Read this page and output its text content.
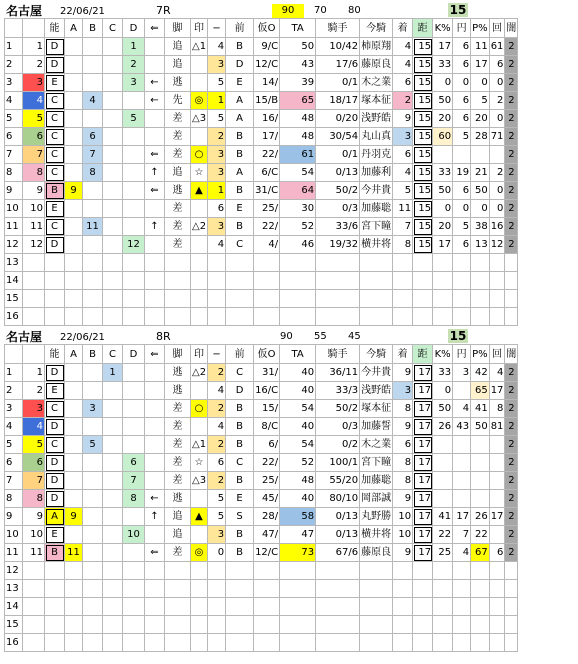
名古屋 22/06/21	7R	90	70 80	15
		能	A	B	C	D	⇐	脚	印	−	前	仮O	TA	騎手	今騎	着	距	K%	円	P%	回	闇
1	1	D				1		追	△1	4	B	9/C	50	10/42	柿原翔	4	15	17	6	11	61	2
2	2	D				2		追		3	D	12/C	43	17/6	藤原良	4	15	33	6	17	6	2
3	3	E				3	←	逃		5	E	14/	39	0/1	木之業	6	15	0	0	0	0	2
4	4	C		4			←	先	◎	1	A	15/B	65	18/17	塚本征	2	15	50	6	5	2	2
5	5	C				5		差	△3	5	A	16/	48	0/20	浅野皓	9	15	20	6	20	0	2
6	6	C		6				差		2	B	17/	48	30/54	丸山真	3	15	60	5	28	71	2
7	7	C		7			⇐	差	○	3	B	22/	61	0/1	丹羽克	6	15					2
8	8	C		8			↑	追	☆	3	A	6/C	54	0/13	加藤利	4	15	33	19	21	2	2
9	9	B	9				⇐	逃	▲	1	B	31/C	64	50/2	今井貴	5	15	50	6	50	0	2
10	10	E						差		6	E	25/	30	0/3	加藤聡	11	15	0	0	0	0	2
11	11	C		11			↑	差	△2	3	B	22/	52	33/6	宮下瞳	7	15	20	5	38	16	2
12	12	D				12		差		4	C	4/	46	19/32	横井将	8	15	17	6	13	12	2
13																						
14																						
15																						
16																						
名古屋 22/06/21	8R	90 55 45	15
		能	A	B	C	D	⇐	脚	印	−	前	仮O	TA	騎手	今騎	着	距	K%	円	P%	回	闇
1	1	D			1			逃	△2	2	C	31/	40	36/11	今井貴	9	17	33	3	42	4	2
2	2	E						逃		4	D	16/C	40	33/3	浅野皓	3	17	0		65	17	2
3	3	C		3				差	○	2	B	15/	54	50/2	塚本征	8	17	50	4	41	8	2
4	4	D						差		4	B	8/C	40	0/3	加藤誓	9	17	26	43	50	81	2
5	5	C		5				差	△1	2	B	6/	54	0/2	木之業	6	17					2
6	6	D				6		差	☆	6	C	22/	52	100/1	宮下瞳	8	17					2
7	7	D				7		差	△3	2	B	25/	48	55/20	加藤聡	8	17					2
8	8	D				8	←	逃		5	E	45/	40	80/10	岡部誠	9	17					2
9	9	A	9				↑	追	▲	5	S	28/	58	0/13	丸野勝	10	17	41	17	26	17	2
10	10	E				10		追		3	B	47/	47	0/13	横井将	10	17	22	7	22		2
11	11	B	11				⇐	差	◎	0	B	12/C	73	67/6	藤原良	9	17	25	4	67	6	2
12																						
13																						
14																						
15																						
16																						
